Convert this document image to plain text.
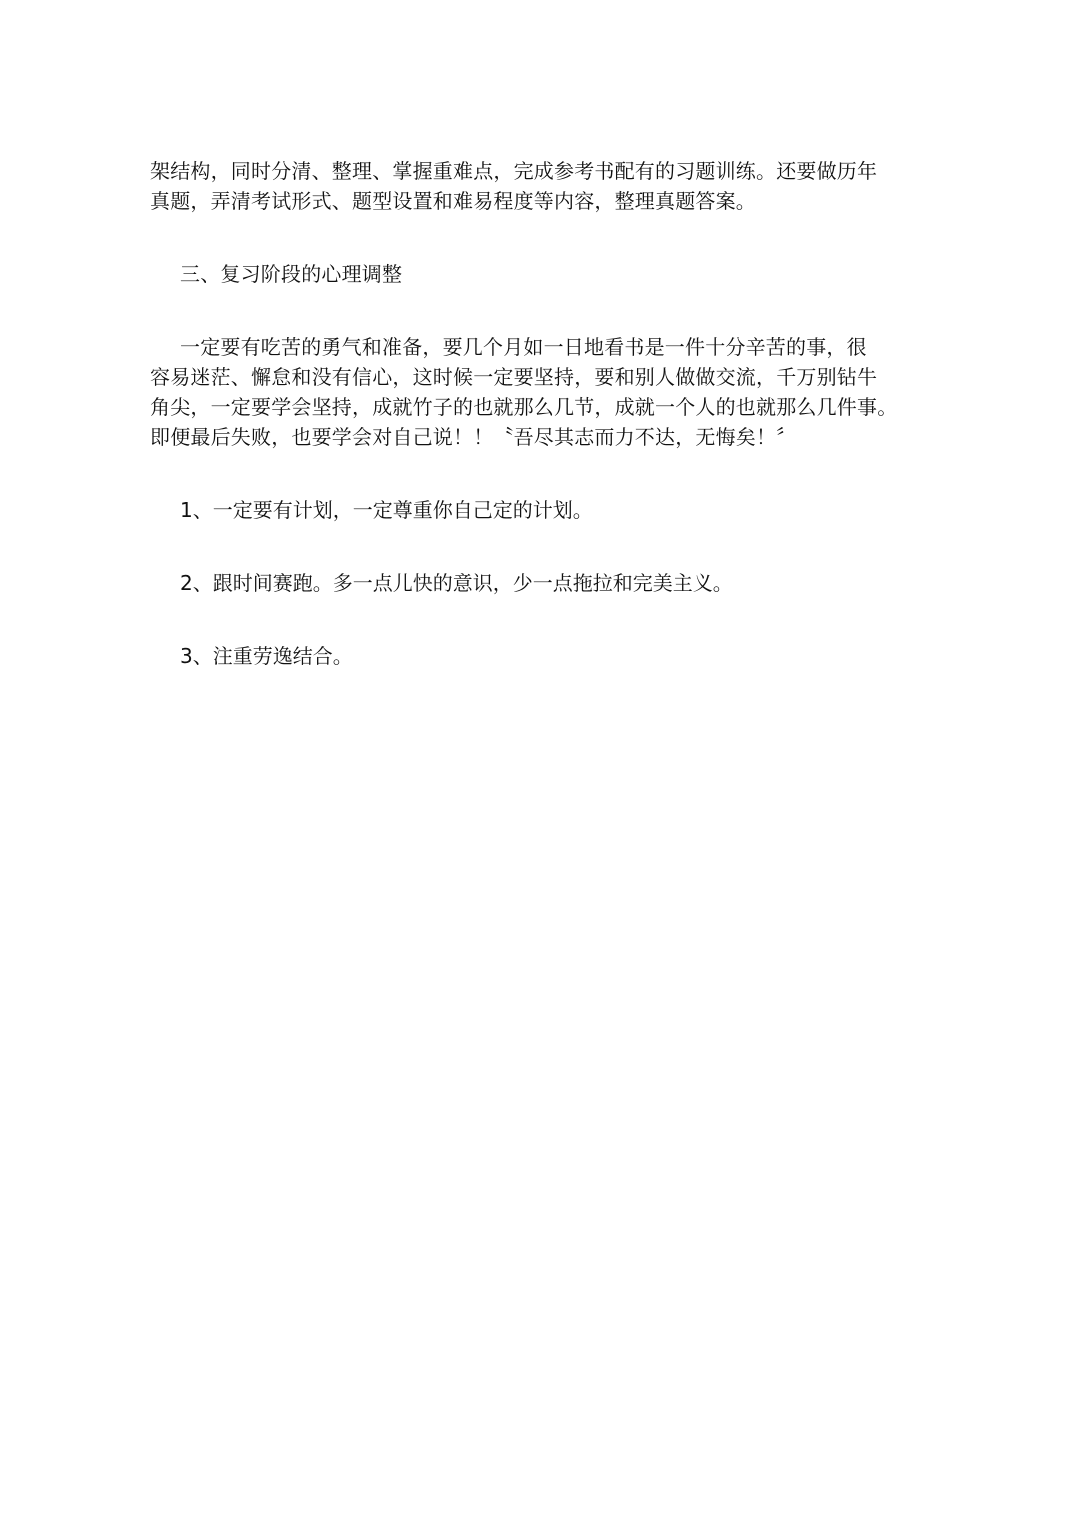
架结构，同时分清、整理、掌握重难点，完成参考书配有的习题训练。还要做历年
真题，弄清考试形式、题型设置和难易程度等内容，整理真题答案。

三、复习阶段的心理调整

一定要有吃苦的勇气和准备，要几个月如一日地看书是一件十分辛苦的事，很
容易迷茫、懈怠和没有信心，这时候一定要坚持，要和别人做做交流，千万别钻牛
角尖，一定要学会坚持，成就竹子的也就那么几节，成就一个人的也就那么几件事。
即便最后失败，也要学会对自己说！！〝吾尽其志而力不达，无悔矣！〞

1、一定要有计划，一定尊重你自己定的计划。

2、跟时间赛跑。多一点儿快的意识，少一点拖拉和完美主义。

3、注重劳逸结合。
